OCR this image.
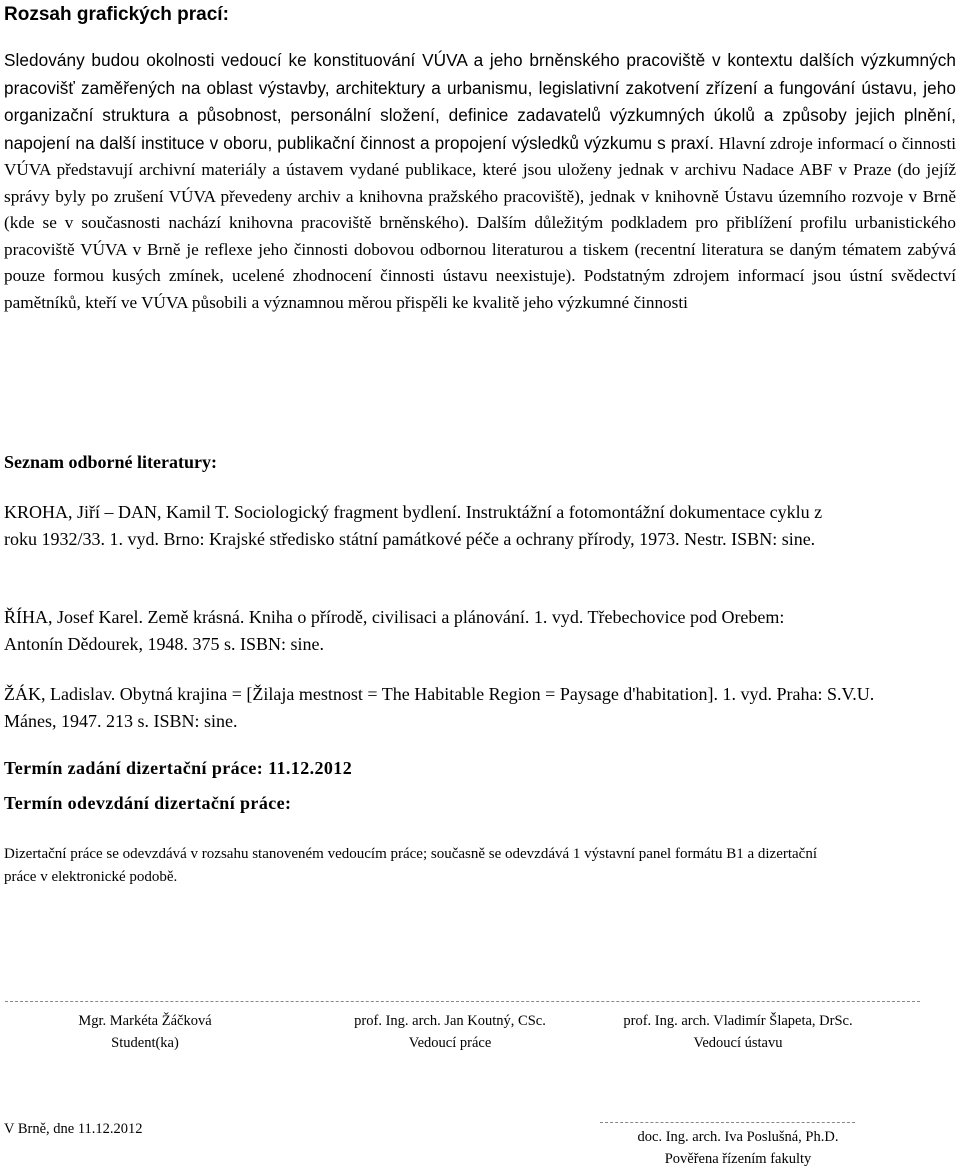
Rozsah grafických prací:

Sledovány budou okolnosti vedoucí ke konstituování VÚVA a jeho brněnského pracoviště v kontextu dalších výzkumných pracovišť zaměřených na oblast výstavby, architektury a urbanismu, legislativní zakotvení zřízení a fungování ústavu, jeho organizační struktura a působnost, personální složení, definice zadavatelů výzkumných úkolů a způsoby jejich plnění, napojení na další instituce v oboru, publikační činnost a propojení výsledků výzkumu s praxí. Hlavní zdroje informací o činnosti VÚVA představují archivní materiály a ústavem vydané publikace, které jsou uloženy jednak v archivu Nadace ABF v Praze (do jejíž správy byly po zrušení VÚVA převedeny archiv a knihovna pražského pracoviště), jednak v knihovně Ústavu územního rozvoje v Brně (kde se v současnosti nachází knihovna pracoviště brněnského). Dalším důležitým podkladem pro přiblížení profilu urbanistického pracoviště VÚVA v Brně je reflexe jeho činnosti dobovou odbornou literaturou a tiskem (recentní literatura se daným tématem zabývá pouze formou kusých zmínek, ucelené zhodnocení činnosti ústavu neexistuje). Podstatným zdrojem informací jsou ústní svědectví pamětníků, kteří ve VÚVA působili a významnou měrou přispěli ke kvalitě jeho výzkumné činnosti

Seznam odborné literatury:

KROHA, Jiří – DAN, Kamil T. Sociologický fragment bydlení. Instruktážní a fotomontážní dokumentace cyklu z roku 1932/33. 1. vyd. Brno: Krajské středisko státní památkové péče a ochrany přírody, 1973. Nestr. ISBN: sine.

ŘÍHA, Josef Karel. Země krásná. Kniha o přírodě, civilisaci a plánování. 1. vyd. Třebechovice pod Orebem: Antonín Dědourek, 1948. 375 s. ISBN: sine.

ŽÁK, Ladislav. Obytná krajina = [Žilaja mestnost = The Habitable Region = Paysage d'habitation]. 1. vyd. Praha: S.V.U. Mánes, 1947. 213 s. ISBN: sine.

Termín zadání dizertační práce: 11.12.2012
Termín odevzdání dizertační práce:

Dizertační práce se odevzdává v rozsahu stanoveném vedoucím práce; současně se odevzdává 1 výstavní panel formátu B1 a dizertační práce v elektronické podobě.

Mgr. Markéta Žáčková
Student(ka)
prof. Ing. arch. Jan Koutný, CSc.
Vedoucí práce
prof. Ing. arch. Vladimír Šlapeta, DrSc.
Vedoucí ústavu
V Brně, dne 11.12.2012	doc. Ing. arch. Iva Poslušná, Ph.D.
Pověřena řízením fakulty
